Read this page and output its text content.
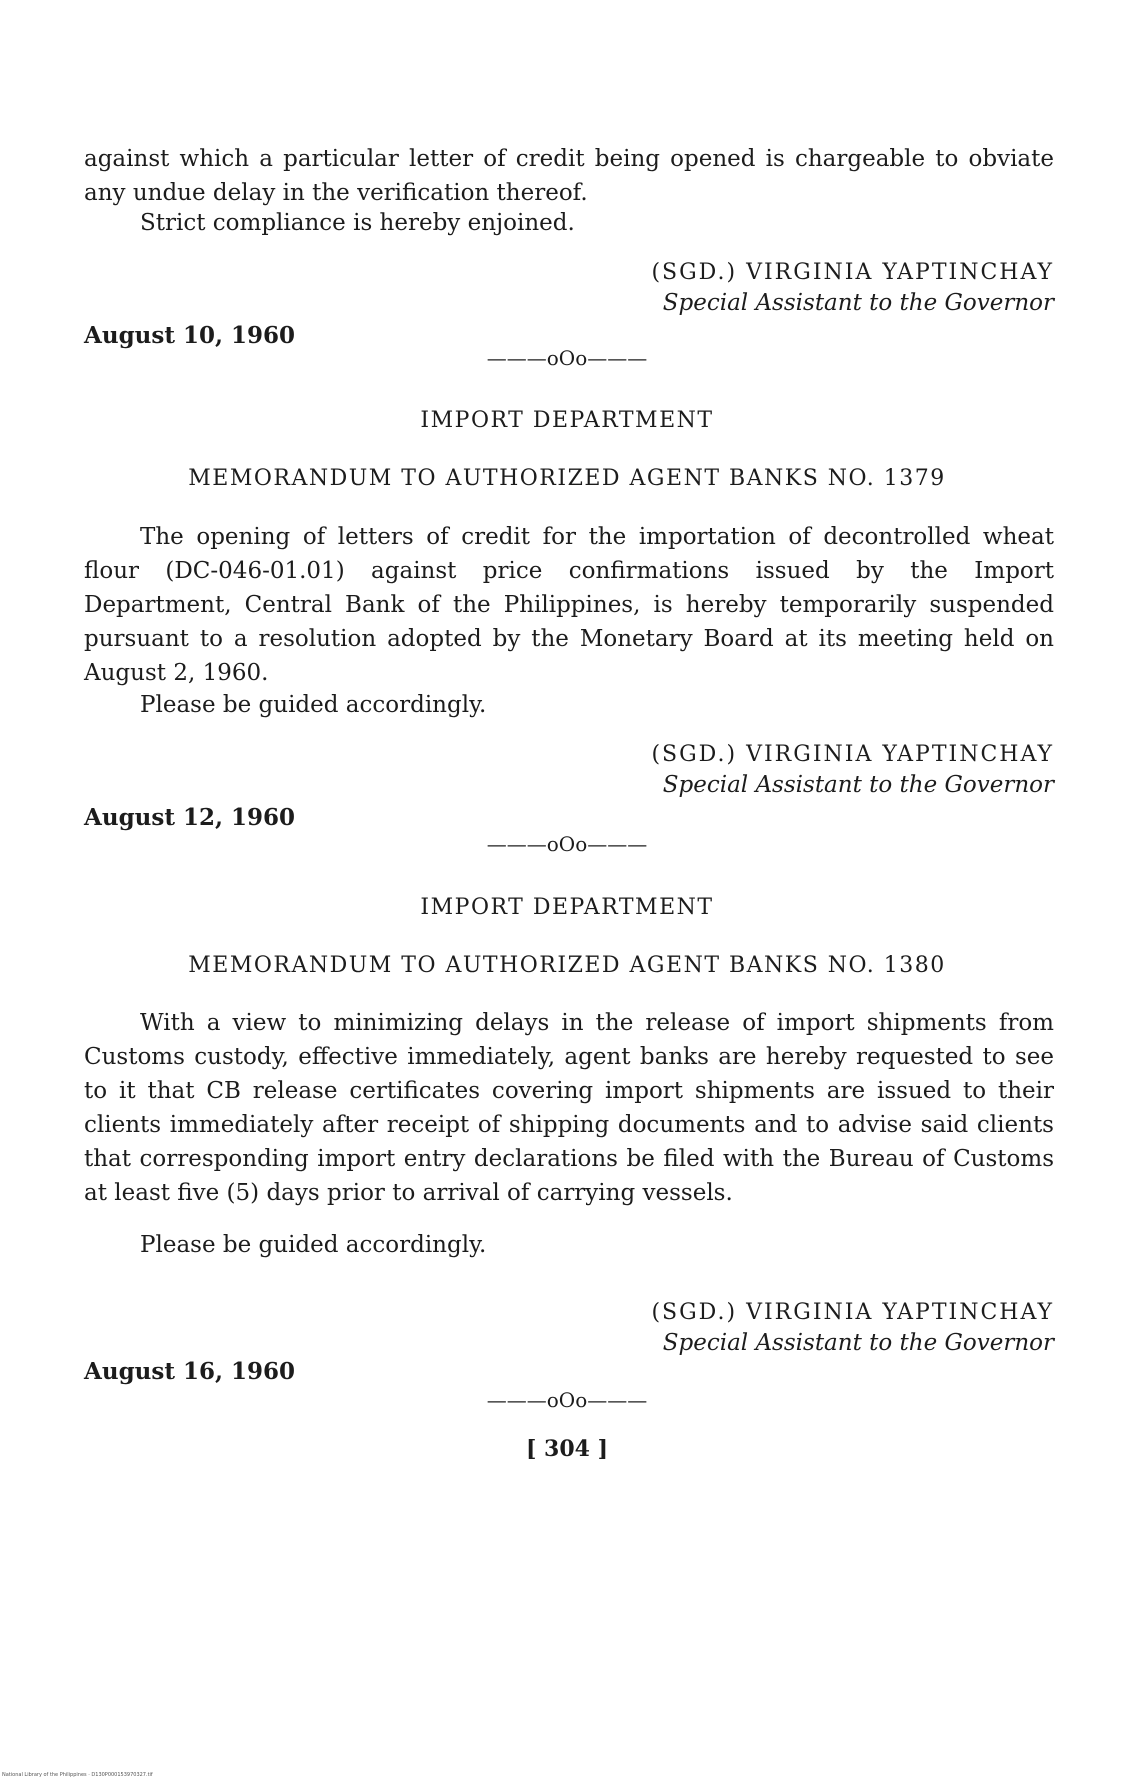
against which a particular letter of credit being opened is chargeable to obviate any undue delay in the verification thereof.

Strict compliance is hereby enjoined.

(SGD.) VIRGINIA YAPTINCHAY
Special Assistant to the Governor
August 10, 1960
———oOo———
IMPORT DEPARTMENT
MEMORANDUM TO AUTHORIZED AGENT BANKS NO. 1379

The opening of letters of credit for the importation of decontrolled wheat flour (DC-046-01.01) against price confirmations issued by the Import Department, Central Bank of the Philippines, is hereby temporarily suspended pursuant to a resolution adopted by the Monetary Board at its meeting held on August 2, 1960.

Please be guided accordingly.

(SGD.) VIRGINIA YAPTINCHAY
Special Assistant to the Governor
August 12, 1960
———oOo———
IMPORT DEPARTMENT
MEMORANDUM TO AUTHORIZED AGENT BANKS NO. 1380

With a view to minimizing delays in the release of import shipments from Customs custody, effective immediately, agent banks are hereby requested to see to it that CB release certificates covering import shipments are issued to their clients immediately after receipt of shipping documents and to advise said clients that corresponding import entry declarations be filed with the Bureau of Customs at least five (5) days prior to arrival of carrying vessels.

Please be guided accordingly.

(SGD.) VIRGINIA YAPTINCHAY
Special Assistant to the Governor
August 16, 1960
———oOo———
[ 304 ]
National Library of the Philippines · D130P000153970327.tif
